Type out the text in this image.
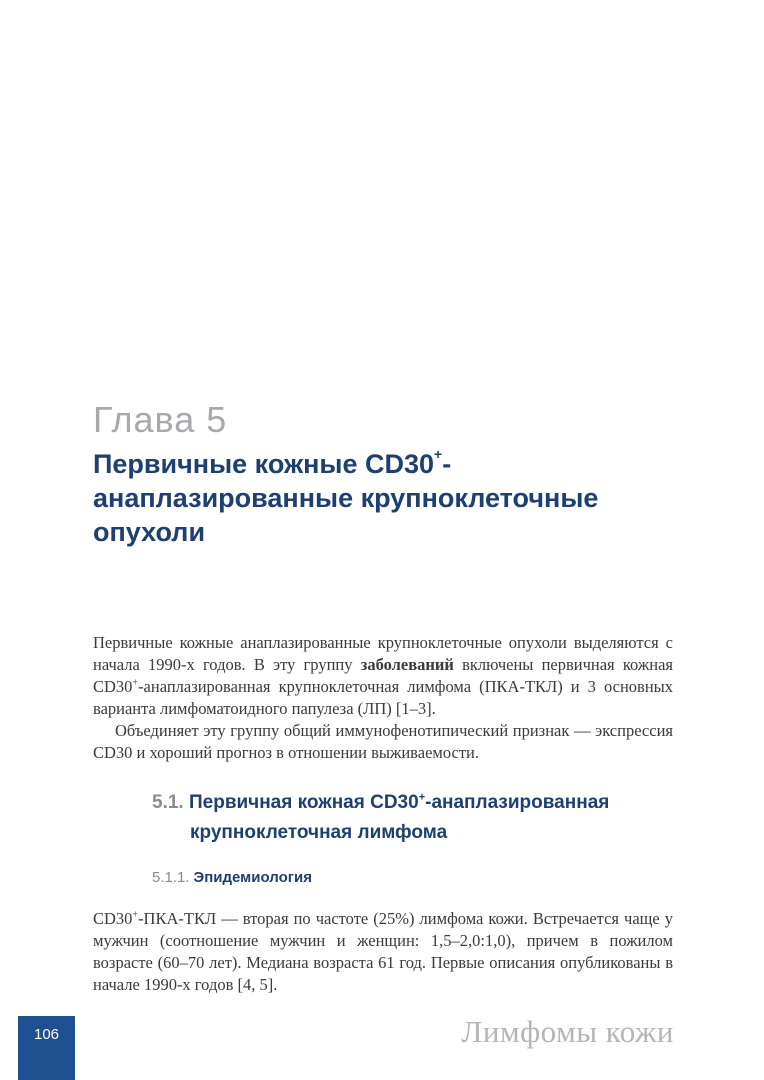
Глава 5
Первичные кожные CD30+-анаплазированные крупноклеточные опухоли

Первичные кожные анаплазированные крупноклеточные опухоли выделяются с начала 1990-х годов. В эту группу заболеваний включены первичная кожная CD30+-анаплазированная крупноклеточная лимфома (ПКА-ТКЛ) и 3 основных варианта лимфоматоидного папулеза (ЛП) [1–3].

Объединяет эту группу общий иммунофенотипический признак — экспрессия CD30 и хороший прогноз в отношении выживаемости.

5.1. Первичная кожная CD30+-анаплазированная крупноклеточная лимфома
5.1.1. Эпидемиология

CD30+-ПКА-ТКЛ — вторая по частоте (25%) лимфома кожи. Встречается чаще у мужчин (соотношение мужчин и женщин: 1,5–2,0:1,0), причем в пожилом возрасте (60–70 лет). Медиана возраста 61 год. Первые описания опубликованы в начале 1990-х годов [4, 5].

106	Лимфомы кожи
